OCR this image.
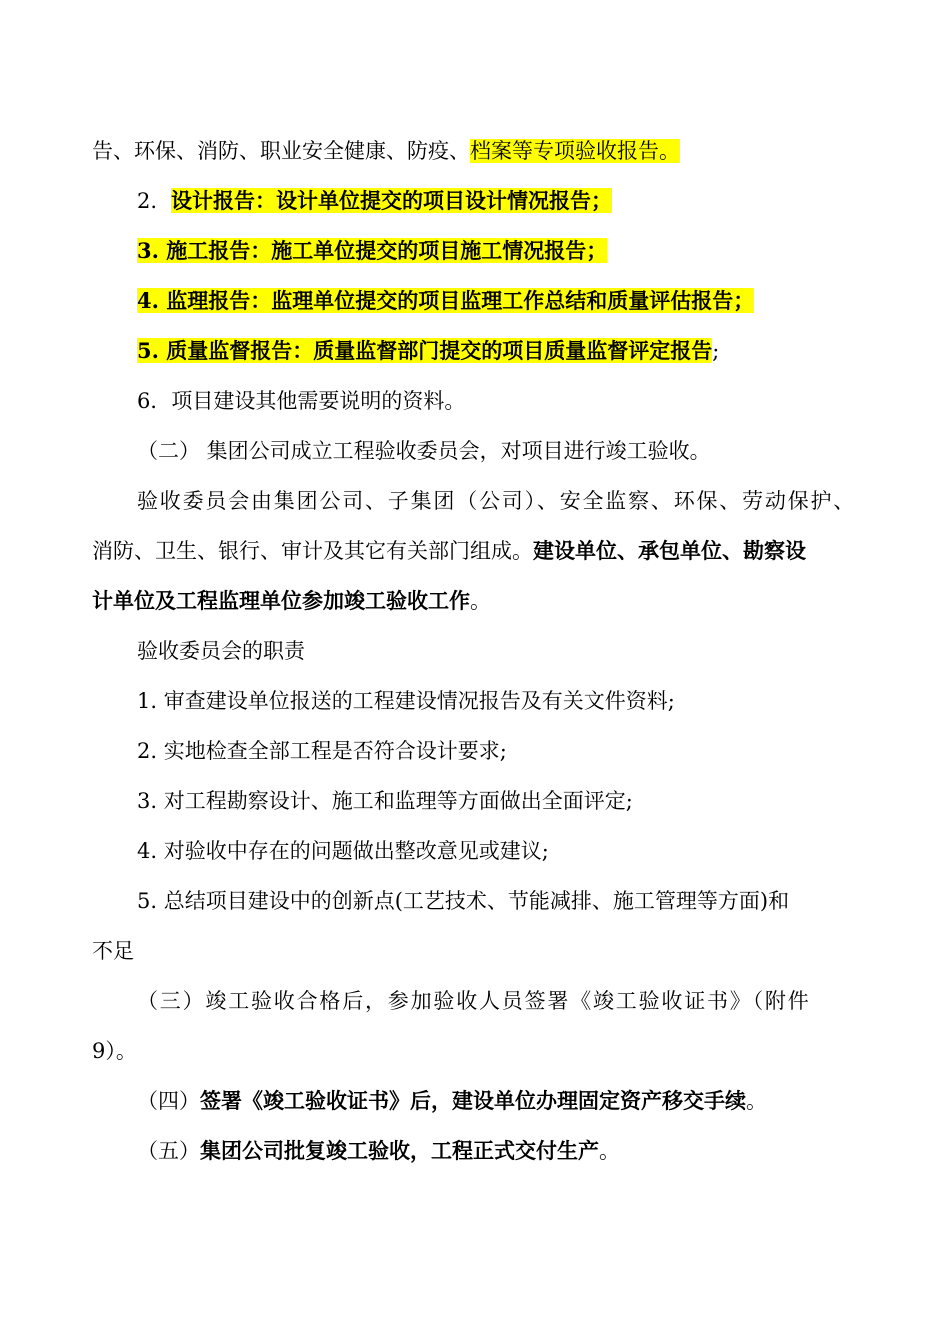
告、环保、消防、职业安全健康、防疫、档案等专项验收报告。
2. 设计报告：设计单位提交的项目设计情况报告；
3. 施工报告：施工单位提交的项目施工情况报告；
4. 监理报告：监理单位提交的项目监理工作总结和质量评估报告；
5. 质量监督报告：质量监督部门提交的项目质量监督评定报告;
6．项目建设其他需要说明的资料。
（二） 集团公司成立工程验收委员会，对项目进行竣工验收。
验收委员会由集团公司、子集团（公司）、安全监察、环保、劳动保护、
消防、卫生、银行、审计及其它有关部门组成。建设单位、承包单位、勘察设
计单位及工程监理单位参加竣工验收工作。
验收委员会的职责
1. 审查建设单位报送的工程建设情况报告及有关文件资料;
2. 实地检查全部工程是否符合设计要求;
3. 对工程勘察设计、施工和监理等方面做出全面评定;
4. 对验收中存在的问题做出整改意见或建议;
5. 总结项目建设中的创新点(工艺技术、节能减排、施工管理等方面)和
不足
（三）竣工验收合格后，参加验收人员签署《竣工验收证书》（附件
9）。
（四）签署《竣工验收证书》后，建设单位办理固定资产移交手续。
（五）集团公司批复竣工验收，工程正式交付生产。
